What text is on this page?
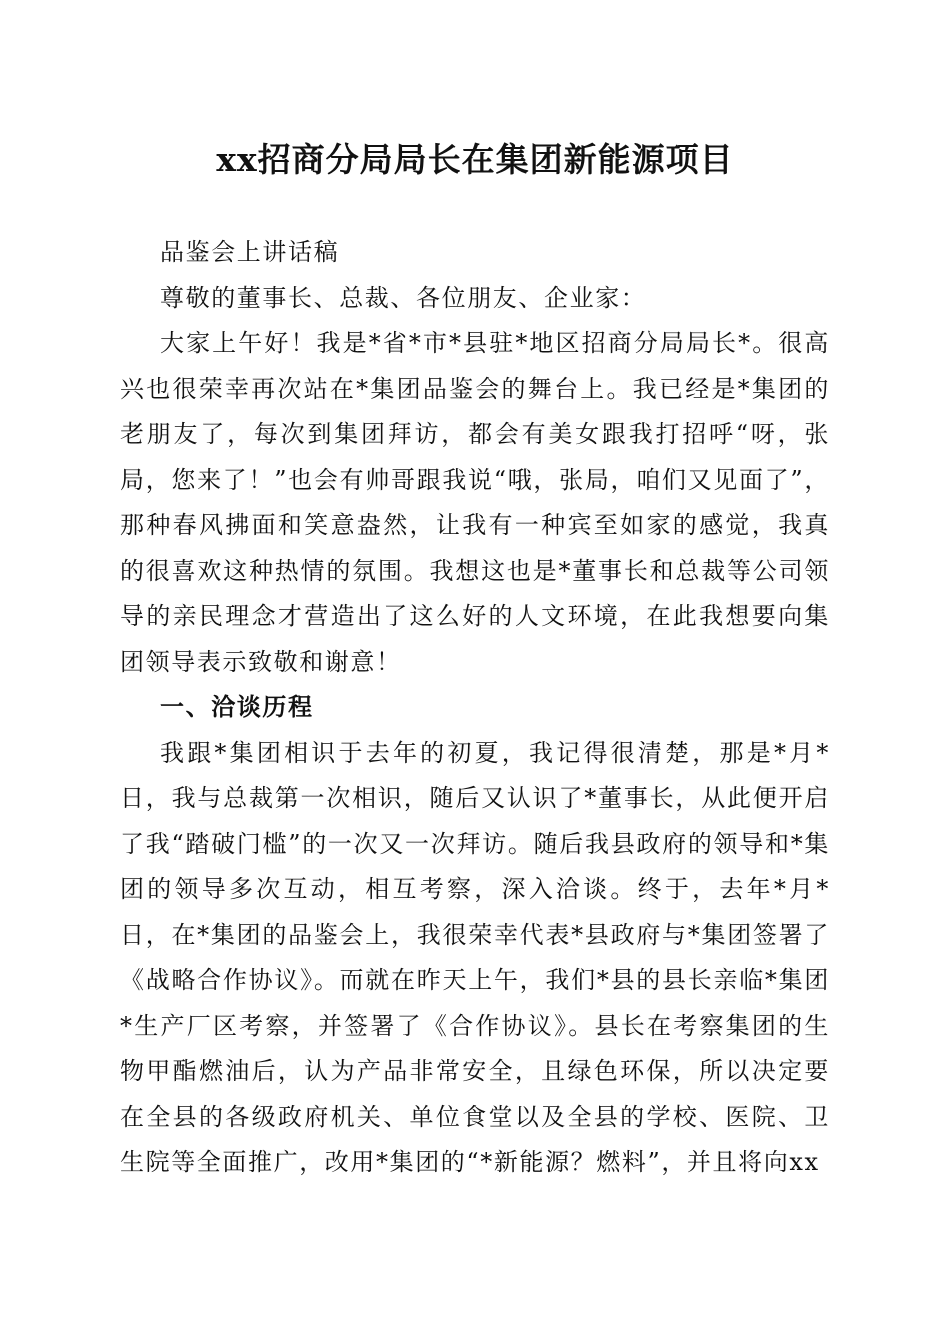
xx招商分局局长在集团新能源项目

品鉴会上讲话稿

尊敬的董事长、总裁、各位朋友、企业家：

大家上午好！我是*省*市*县驻*地区招商分局局长*。很高兴也很荣幸再次站在*集团品鉴会的舞台上。我已经是*集团的老朋友了，每次到集团拜访，都会有美女跟我打招呼“呀，张局，您来了！”也会有帅哥跟我说“哦，张局，咱们又见面了”，那种春风拂面和笑意盎然，让我有一种宾至如家的感觉，我真的很喜欢这种热情的氛围。我想这也是*董事长和总裁等公司领导的亲民理念才营造出了这么好的人文环境，在此我想要向集团领导表示致敬和谢意！

一、洽谈历程

我跟*集团相识于去年的初夏，我记得很清楚，那是*月*日，我与总裁第一次相识，随后又认识了*董事长，从此便开启了我“踏破门槛”的一次又一次拜访。随后我县政府的领导和*集团的领导多次互动，相互考察，深入洽谈。终于，去年*月*日，在*集团的品鉴会上，我很荣幸代表*县政府与*集团签署了《战略合作协议》。而就在昨天上午，我们*县的县长亲临*集团*生产厂区考察，并签署了《合作协议》。县长在考察集团的生物甲酯燃油后，认为产品非常安全，且绿色环保，所以决定要在全县的各级政府机关、单位食堂以及全县的学校、医院、卫生院等全面推广，改用*集团的“*新能源？燃料”，并且将向xx
